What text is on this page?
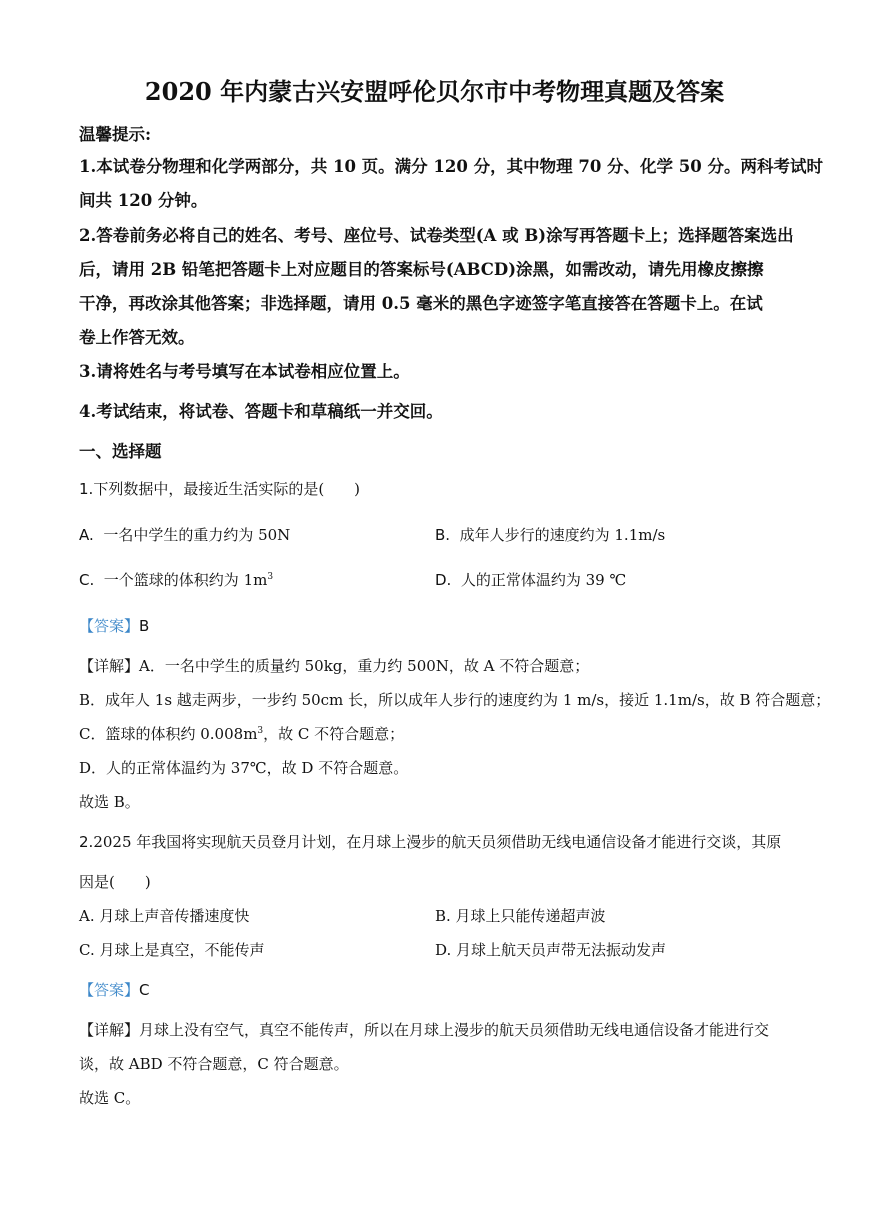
2020 年内蒙古兴安盟呼伦贝尔市中考物理真题及答案
温馨提示:
1.本试卷分物理和化学两部分，共 10 页。满分 120 分，其中物理 70 分、化学 50 分。两科考试时
间共 120 分钟。
2.答卷前务必将自己的姓名、考号、座位号、试卷类型(A 或 B)涂写再答题卡上；选择题答案选出
后，请用 2B 铅笔把答题卡上对应题目的答案标号(ABCD)涂黑，如需改动，请先用橡皮擦擦
干净，再改涂其他答案；非选择题，请用 0.5 毫米的黑色字迹签字笔直接答在答题卡上。在试
卷上作答无效。
3.请将姓名与考号填写在本试卷相应位置上。
4.考试结束，将试卷、答题卡和草稿纸一并交回。
一、选择题
1.下列数据中，最接近生活实际的是(　　)
A. 一名中学生的重力约为 50N	B. 成年人步行的速度约为 1.1m/s
C. 一个篮球的体积约为 $1m^3$	D. 人的正常体温约为 39 ℃
【答案】B
【详解】A．一名中学生的质量约 50kg，重力约 500N，故 A 不符合题意；
B．成年人 1s 越走两步，一步约 50cm 长，所以成年人步行的速度约为 1 m/s，接近 1.1m/s，故 B 符合题意；
C．篮球的体积约 $0.008m^3$，故 C 不符合题意；
D．人的正常体温约为 37℃，故 D 不符合题意。
故选 B。
2.2025 年我国将实现航天员登月计划，在月球上漫步的航天员须借助无线电通信设备才能进行交谈，其原
因是(　　)
A. 月球上声音传播速度快	B. 月球上只能传递超声波
C. 月球上是真空，不能传声	D. 月球上航天员声带无法振动发声
【答案】C
【详解】月球上没有空气，真空不能传声，所以在月球上漫步的航天员须借助无线电通信设备才能进行交
谈，故 ABD 不符合题意，C 符合题意。
故选 C。
